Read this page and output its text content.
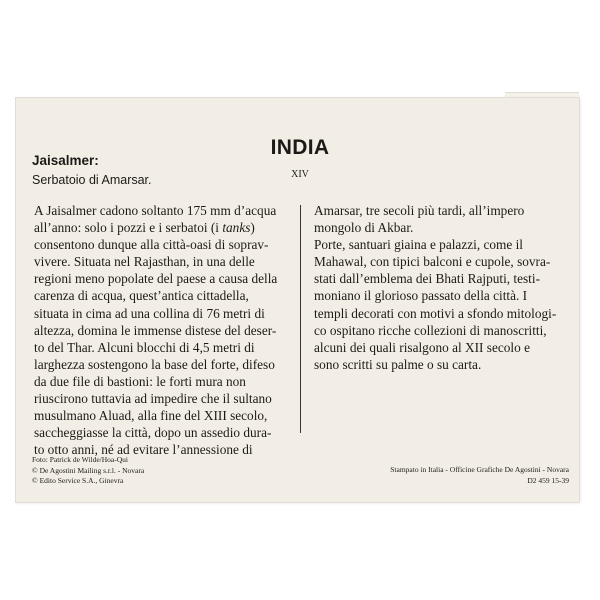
INDIA
XIV
Jaisalmer:
Serbatoio di Amarsar.
A Jaisalmer cadono soltanto 175 mm d’acqua
all’anno: solo i pozzi e i serbatoi (i tanks)
consentono dunque alla città-oasi di soprav-
vivere. Situata nel Rajasthan, in una delle
regioni meno popolate del paese a causa della
carenza di acqua, quest’antica cittadella,
situata in cima ad una collina di 76 metri di
altezza, domina le immense distese del deser-
to del Thar. Alcuni blocchi di 4,5 metri di
larghezza sostengono la base del forte, difeso
da due file di bastioni: le forti mura non
riuscirono tuttavia ad impedire che il sultano
musulmano Aluad, alla fine del XIII secolo,
saccheggiasse la città, dopo un assedio dura-
to otto anni, né ad evitare l’annessione di
Amarsar, tre secoli più tardi, all’impero
mongolo di Akbar.
Porte, santuari giaina e palazzi, come il
Mahawal, con tipici balconi e cupole, sovra-
stati dall’emblema dei Bhati Rajputi, testi-
moniano il glorioso passato della città. I
templi decorati con motivi a sfondo mitologi-
co ospitano ricche collezioni di manoscritti,
alcuni dei quali risalgono al XII secolo e
sono scritti su palme o su carta.
Foto: Patrick de Wilde/Hoa-Qui
© De Agostini Mailing s.r.l. - Novara
© Edito Service S.A., Ginevra
Stampato in Italia - Officine Grafiche De Agostini - Novara
D2 459 15-39
